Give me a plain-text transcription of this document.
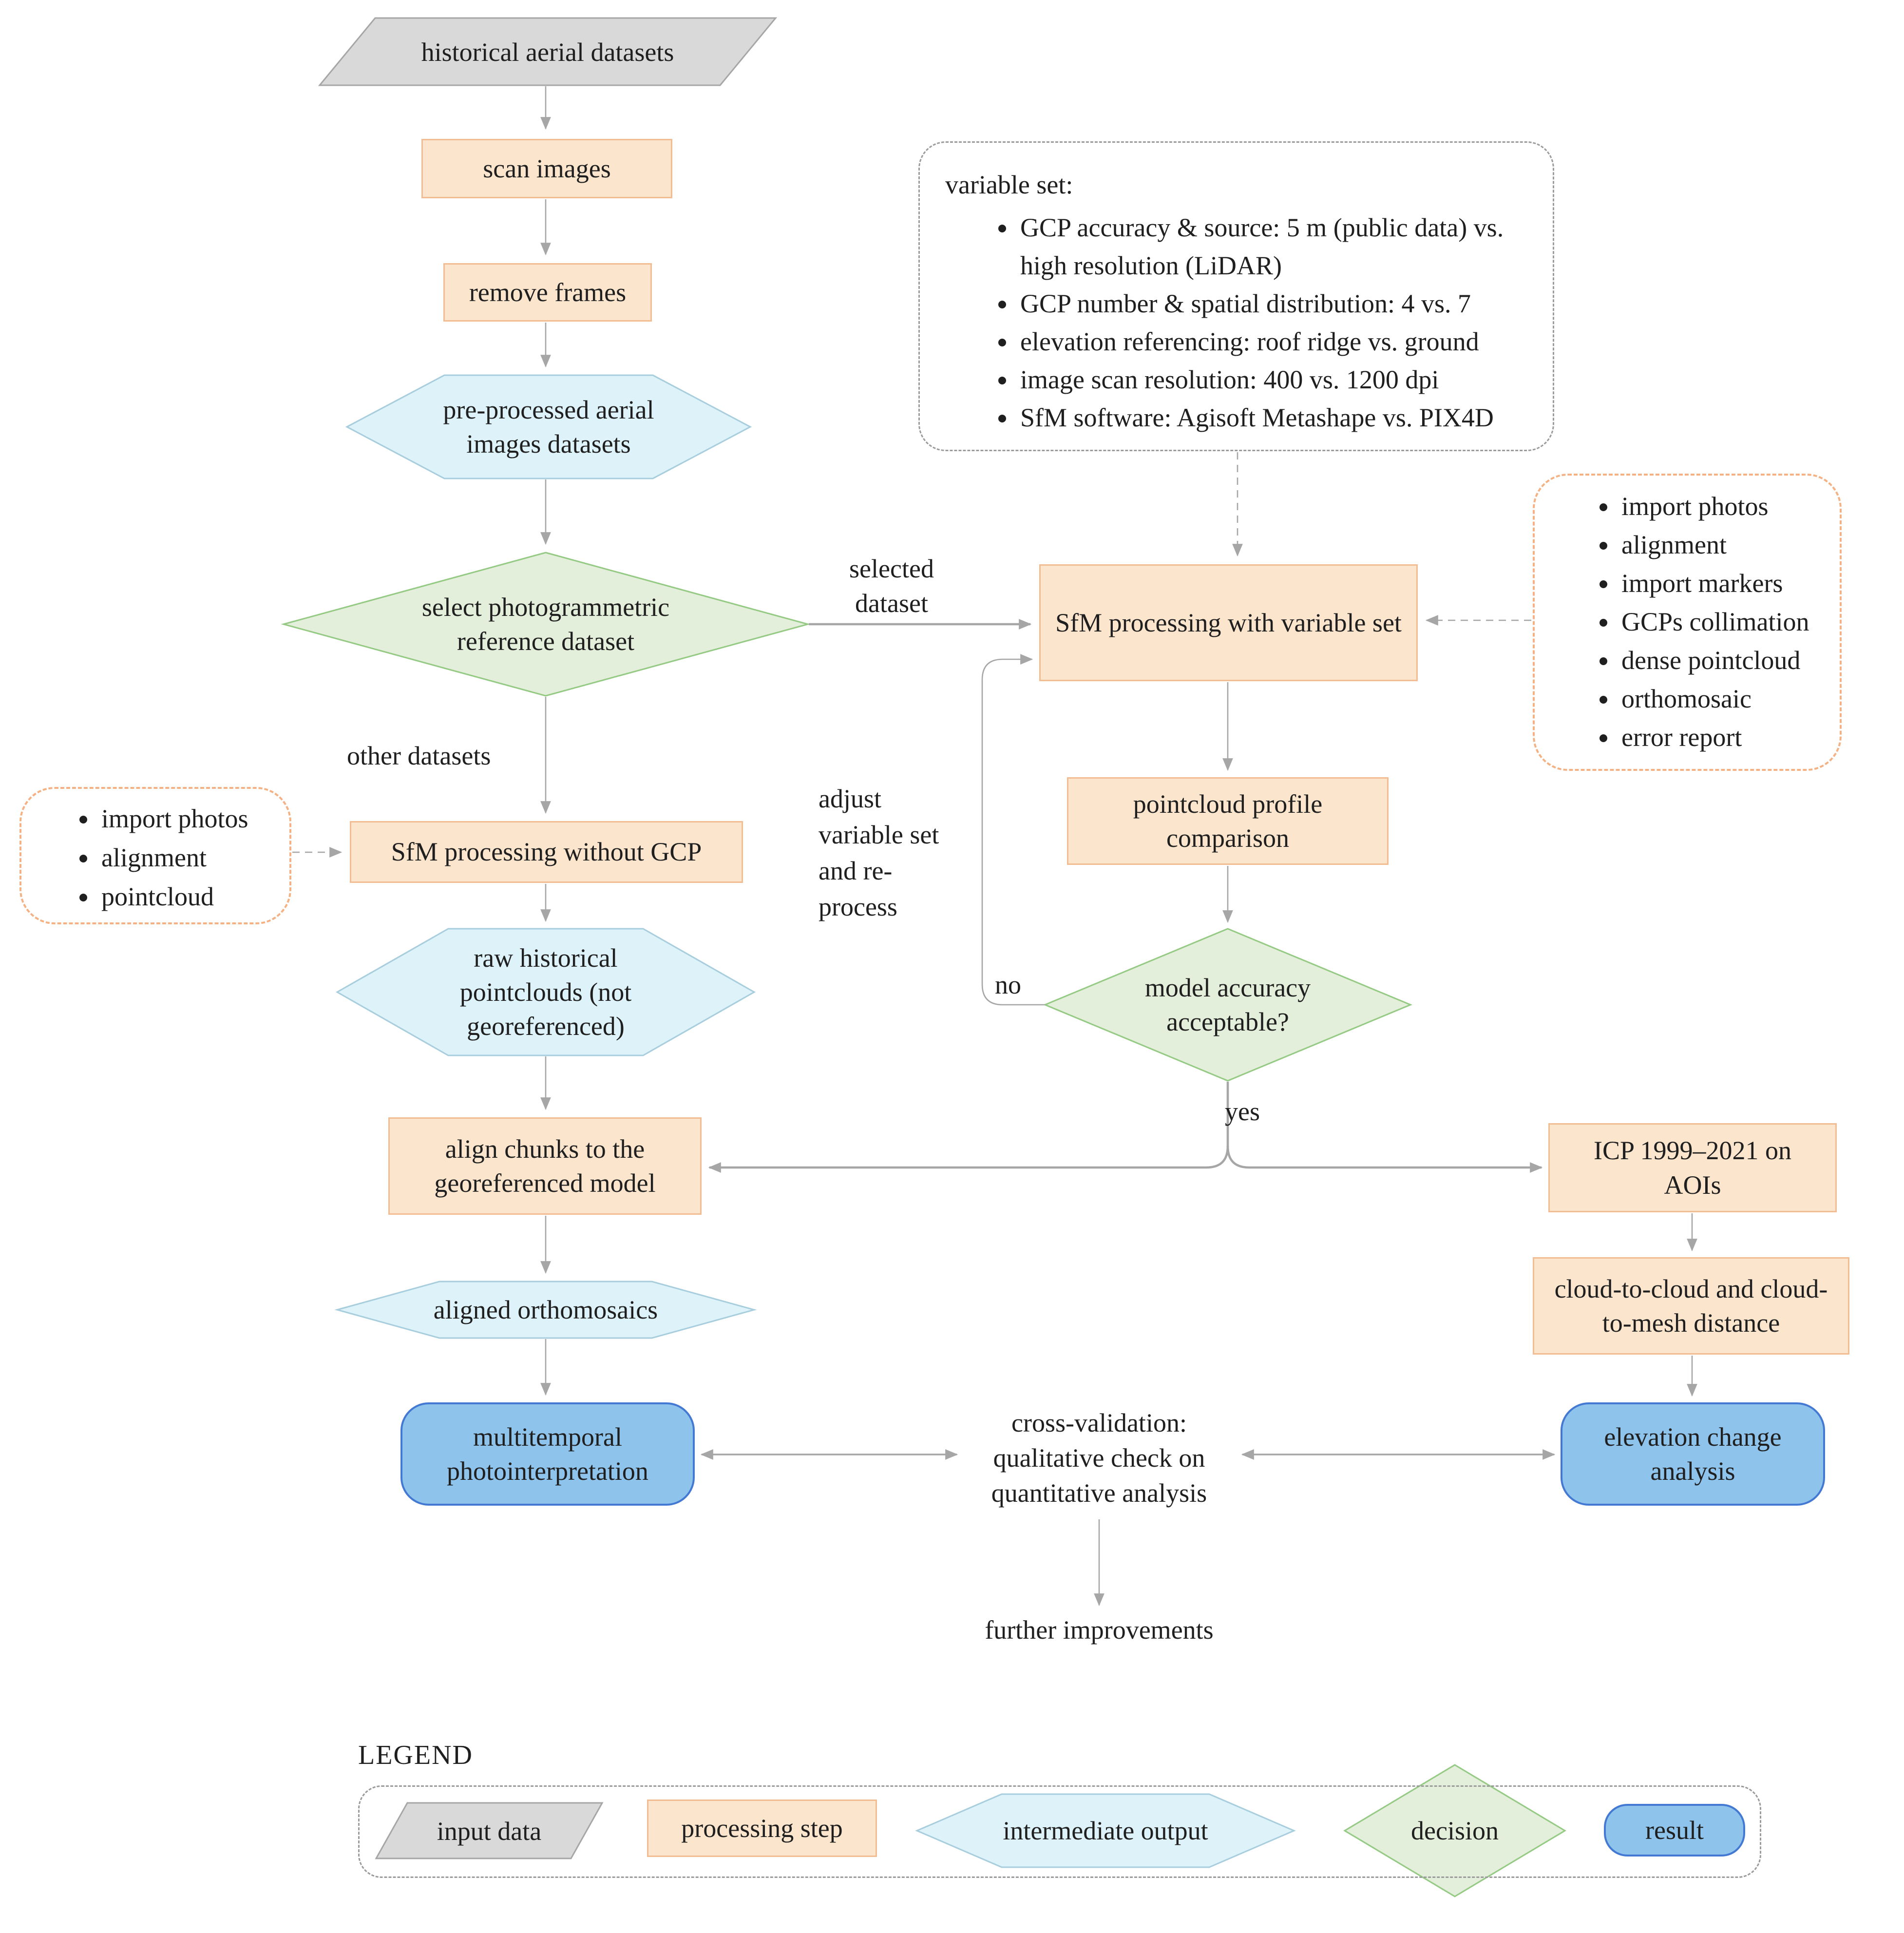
scan images
remove frames
SfM processing with variable set
pointcloud profile comparison
SfM processing without GCP
align chunks to the georeferenced model
ICP 1999–2021 on AOIs
cloud-to-cloud and cloud-to-mesh distance
multitemporal photointerpretation
elevation change analysis
historical aerial datasets
pre-processed aerial images datasets
select photogrammetric reference dataset
raw historical pointclouds (not georeferenced)
aligned orthomosaics
model accuracy acceptable?
variable set:
• GCP accuracy & source: 5 m (public data) vs. high resolution (LiDAR)
• GCP number & spatial distribution: 4 vs. 7
• elevation referencing: roof ridge vs. ground
• image scan resolution: 400 vs. 1200 dpi
• SfM software: Agisoft Metashape vs. PIX4D
• import photos
• alignment
• import markers
• GCPs collimation
• dense pointcloud
• orthomosaic
• error report
• import photos
• alignment
• pointcloud
selected dataset
other datasets
adjust variable set and re-process
no
yes
cross-validation: qualitative check on quantitative analysis
further improvements
LEGEND
input data	processing step	intermediate output	decision	result
